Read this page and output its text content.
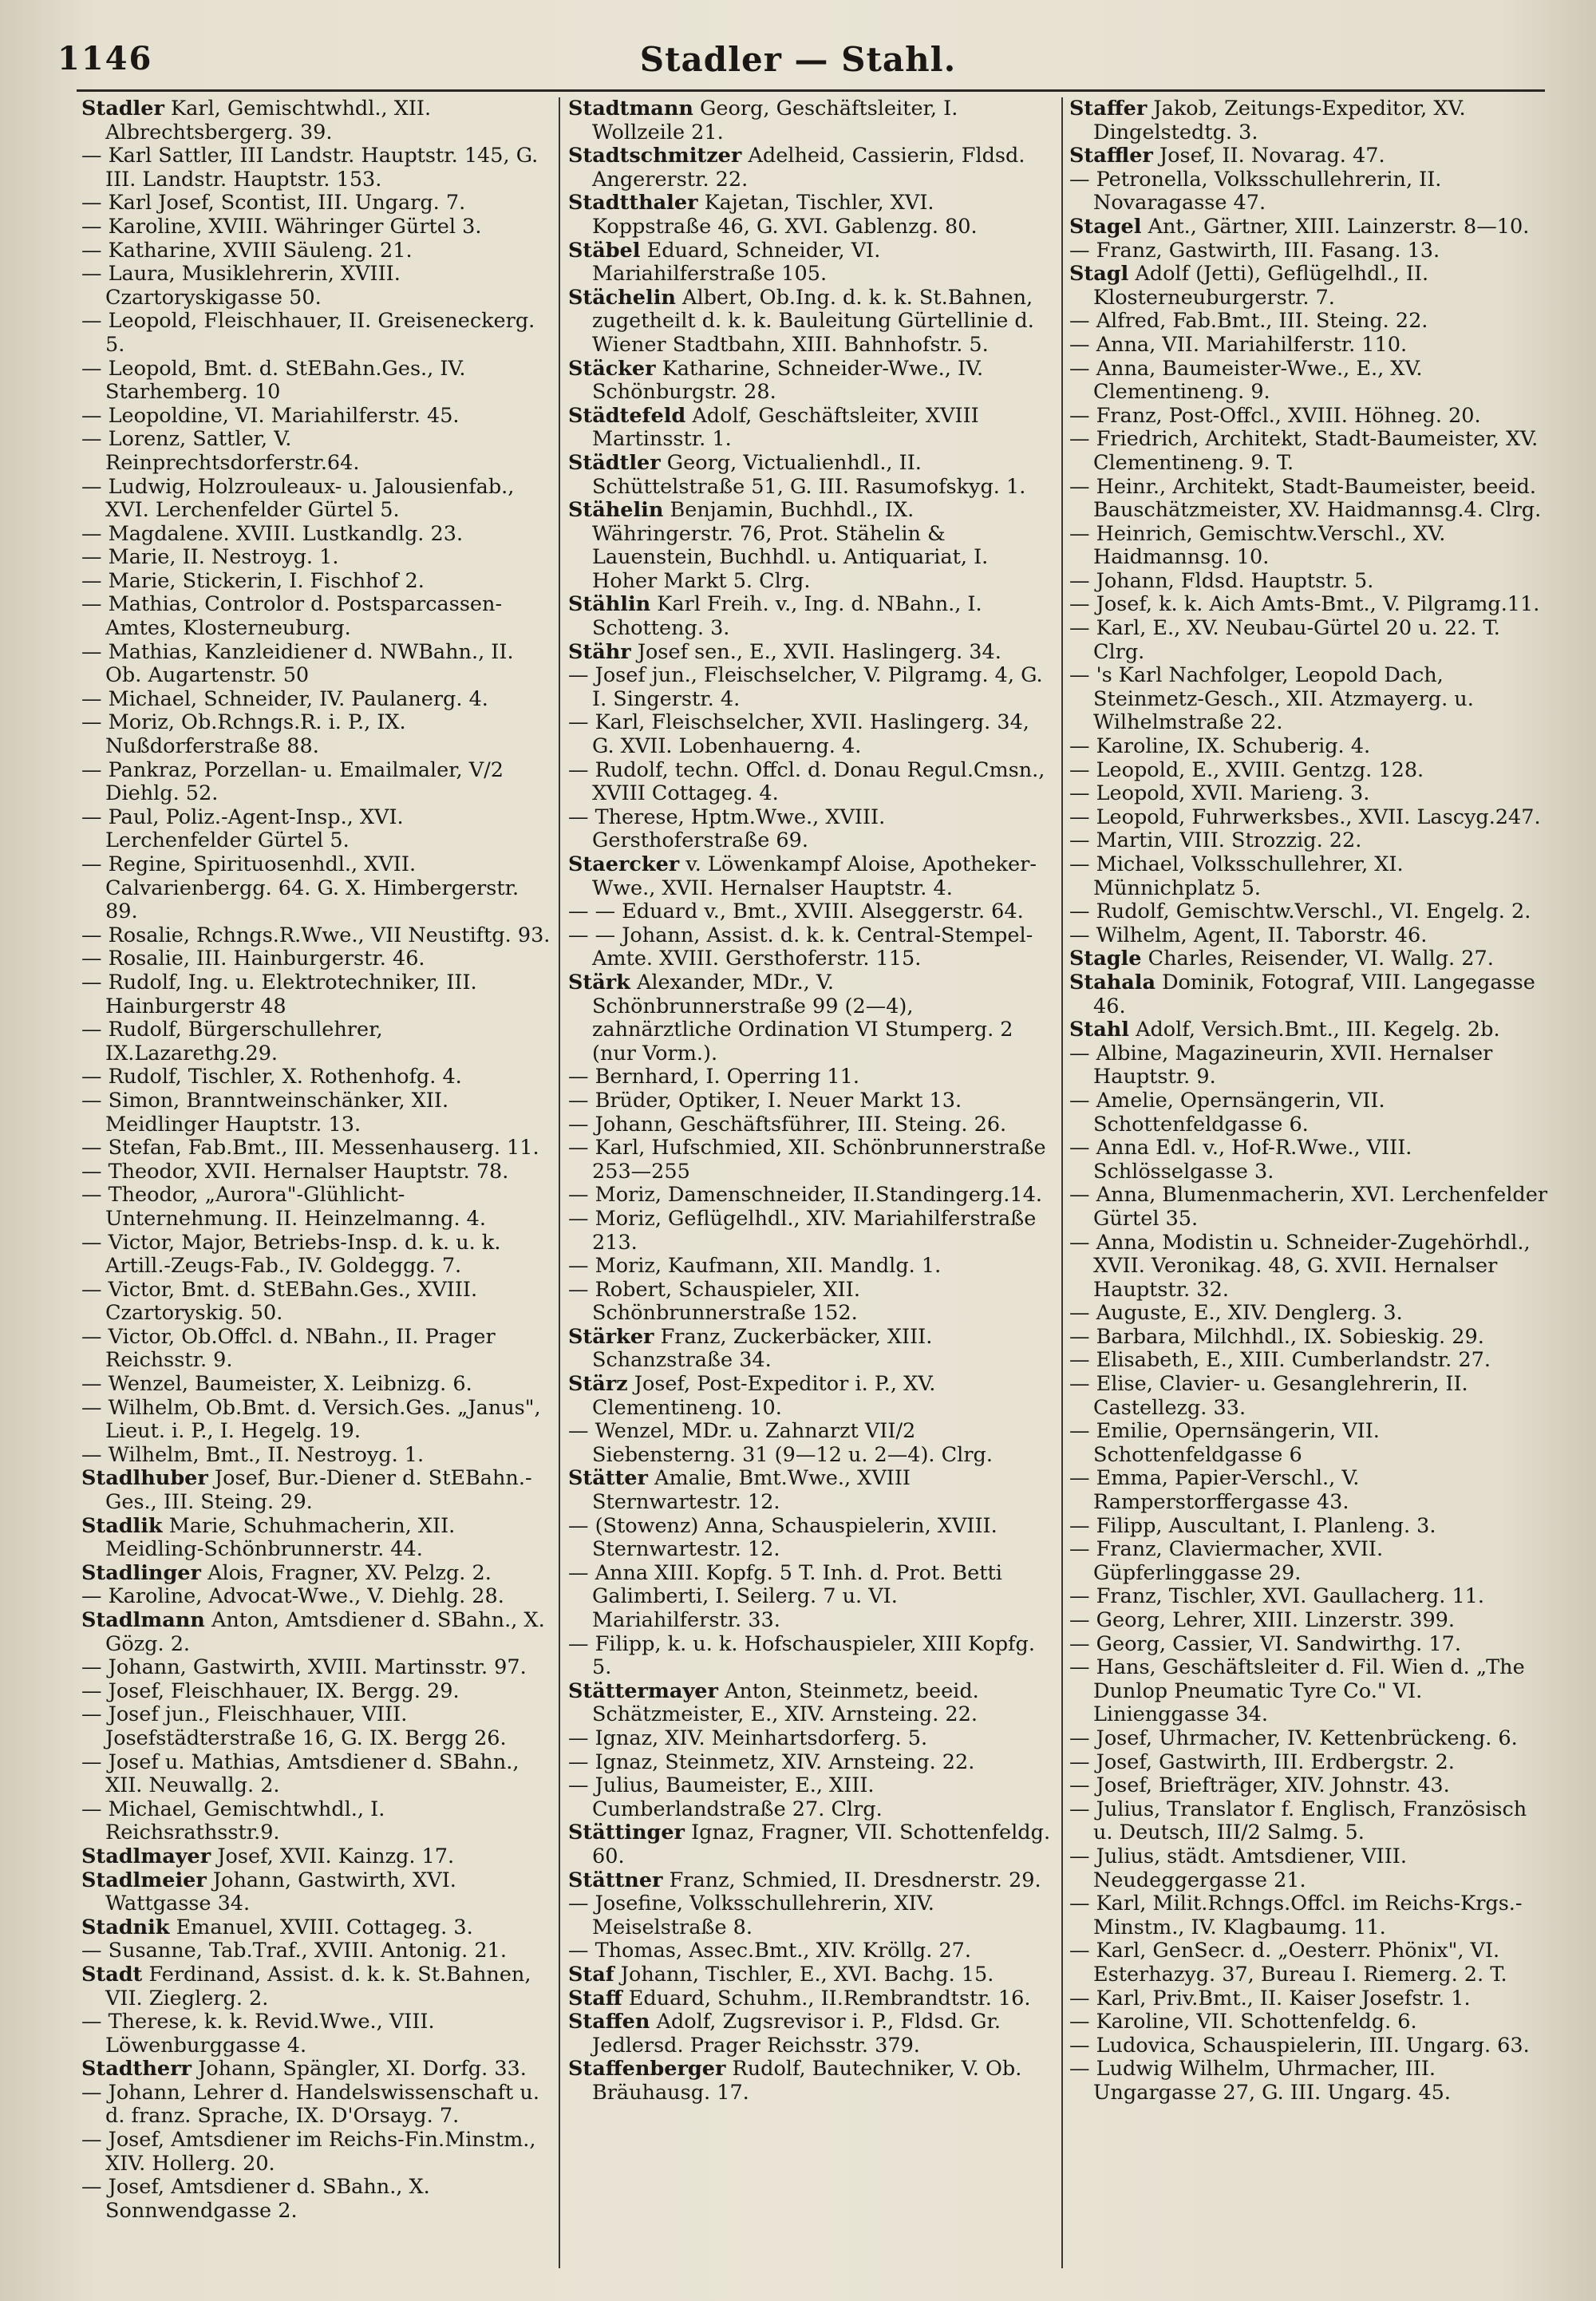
1146	Stadler — Stahl.

Stadler Karl, Gemischtwhdl., XII. Albrechtsbergerg. 39.

— Karl Sattler, III Landstr. Hauptstr. 145, G. III. Landstr. Hauptstr. 153.

— Karl Josef, Scontist, III. Ungarg. 7.

— Karoline, XVIII. Währinger Gürtel 3.

— Katharine, XVIII Säuleng. 21.

— Laura, Musiklehrerin, XVIII. Czartoryskigasse 50.

— Leopold, Fleischhauer, II. Greiseneckerg. 5.

— Leopold, Bmt. d. StEBahn.Ges., IV. Starhemberg. 10

— Leopoldine, VI. Mariahilferstr. 45.

— Lorenz, Sattler, V. Reinprechtsdorferstr.64.

— Ludwig, Holzrouleaux- u. Jalousienfab., XVI. Lerchenfelder Gürtel 5.

— Magdalene. XVIII. Lustkandlg. 23.

— Marie, II. Nestroyg. 1.

— Marie, Stickerin, I. Fischhof 2.

— Mathias, Controlor d. Postsparcassen-Amtes, Klosterneuburg.

— Mathias, Kanzleidiener d. NWBahn., II. Ob. Augartenstr. 50

— Michael, Schneider, IV. Paulanerg. 4.

— Moriz, Ob.Rchngs.R. i. P., IX. Nußdorferstraße 88.

— Pankraz, Porzellan- u. Emailmaler, V/2 Diehlg. 52.

— Paul, Poliz.-Agent-Insp., XVI. Lerchenfelder Gürtel 5.

— Regine, Spirituosenhdl., XVII. Calvarienbergg. 64. G. X. Himbergerstr. 89.

— Rosalie, Rchngs.R.Wwe., VII Neustiftg. 93.

— Rosalie, III. Hainburgerstr. 46.

— Rudolf, Ing. u. Elektrotechniker, III. Hainburgerstr 48

— Rudolf, Bürgerschullehrer, IX.Lazarethg.29.

— Rudolf, Tischler, X. Rothenhofg. 4.

— Simon, Branntweinschänker, XII. Meidlinger Hauptstr. 13.

— Stefan, Fab.Bmt., III. Messenhauserg. 11.

— Theodor, XVII. Hernalser Hauptstr. 78.

— Theodor, „Aurora"-Glühlicht-Unternehmung. II. Heinzelmanng. 4.

— Victor, Major, Betriebs-Insp. d. k. u. k. Artill.-Zeugs-Fab., IV. Goldeggg. 7.

— Victor, Bmt. d. StEBahn.Ges., XVIII. Czartoryskig. 50.

— Victor, Ob.Offcl. d. NBahn., II. Prager Reichsstr. 9.

— Wenzel, Baumeister, X. Leibnizg. 6.

— Wilhelm, Ob.Bmt. d. Versich.Ges. „Janus", Lieut. i. P., I. Hegelg. 19.

— Wilhelm, Bmt., II. Nestroyg. 1.

Stadlhuber Josef, Bur.-Diener d. StEBahn.-Ges., III. Steing. 29.

Stadlik Marie, Schuhmacherin, XII. Meidling-Schönbrunnerstr. 44.

Stadlinger Alois, Fragner, XV. Pelzg. 2.

— Karoline, Advocat-Wwe., V. Diehlg. 28.

Stadlmann Anton, Amtsdiener d. SBahn., X. Gözg. 2.

— Johann, Gastwirth, XVIII. Martinsstr. 97.

— Josef, Fleischhauer, IX. Bergg. 29.

— Josef jun., Fleischhauer, VIII. Josefstädterstraße 16, G. IX. Bergg 26.

— Josef u. Mathias, Amtsdiener d. SBahn., XII. Neuwallg. 2.

— Michael, Gemischtwhdl., I. Reichsrathsstr.9.

Stadlmayer Josef, XVII. Kainzg. 17.

Stadlmeier Johann, Gastwirth, XVI. Wattgasse 34.

Stadnik Emanuel, XVIII. Cottageg. 3.

— Susanne, Tab.Traf., XVIII. Antonig. 21.

Stadt Ferdinand, Assist. d. k. k. St.Bahnen, VII. Zieglerg. 2.

— Therese, k. k. Revid.Wwe., VIII. Löwenburggasse 4.

Stadtherr Johann, Spängler, XI. Dorfg. 33.

— Johann, Lehrer d. Handelswissenschaft u. d. franz. Sprache, IX. D'Orsayg. 7.

— Josef, Amtsdiener im Reichs-Fin.Minstm., XIV. Hollerg. 20.

— Josef, Amtsdiener d. SBahn., X. Sonnwendgasse 2.

Stadtmann Georg, Geschäftsleiter, I. Wollzeile 21.

Stadtschmitzer Adelheid, Cassierin, Fldsd. Angererstr. 22.

Stadtthaler Kajetan, Tischler, XVI. Koppstraße 46, G. XVI. Gablenzg. 80.

Stäbel Eduard, Schneider, VI. Mariahilferstraße 105.

Stächelin Albert, Ob.Ing. d. k. k. St.Bahnen, zugetheilt d. k. k. Bauleitung Gürtellinie d. Wiener Stadtbahn, XIII. Bahnhofstr. 5.

Stäcker Katharine, Schneider-Wwe., IV. Schönburgstr. 28.

Städtefeld Adolf, Geschäftsleiter, XVIII Martinsstr. 1.

Städtler Georg, Victualienhdl., II. Schüttelstraße 51, G. III. Rasumofskyg. 1.

Stähelin Benjamin, Buchhdl., IX. Währingerstr. 76, Prot. Stähelin & Lauenstein, Buchhdl. u. Antiquariat, I. Hoher Markt 5. Clrg.

Stählin Karl Freih. v., Ing. d. NBahn., I. Schotteng. 3.

Stähr Josef sen., E., XVII. Haslingerg. 34.

— Josef jun., Fleischselcher, V. Pilgramg. 4, G. I. Singerstr. 4.

— Karl, Fleischselcher, XVII. Haslingerg. 34, G. XVII. Lobenhauerng. 4.

— Rudolf, techn. Offcl. d. Donau Regul.Cmsn., XVIII Cottageg. 4.

— Therese, Hptm.Wwe., XVIII. Gersthoferstraße 69.

Staercker v. Löwenkampf Aloise, Apotheker-Wwe., XVII. Hernalser Hauptstr. 4.

— — Eduard v., Bmt., XVIII. Alseggerstr. 64.

— — Johann, Assist. d. k. k. Central-Stempel-Amte. XVIII. Gersthoferstr. 115.

Stärk Alexander, MDr., V. Schönbrunnerstraße 99 (2—4), zahnärztliche Ordination VI Stumperg. 2 (nur Vorm.).

— Bernhard, I. Operring 11.

— Brüder, Optiker, I. Neuer Markt 13.

— Johann, Geschäftsführer, III. Steing. 26.

— Karl, Hufschmied, XII. Schönbrunnerstraße 253—255

— Moriz, Damenschneider, II.Standingerg.14.

— Moriz, Geflügelhdl., XIV. Mariahilferstraße 213.

— Moriz, Kaufmann, XII. Mandlg. 1.

— Robert, Schauspieler, XII. Schönbrunnerstraße 152.

Stärker Franz, Zuckerbäcker, XIII. Schanzstraße 34.

Stärz Josef, Post-Expeditor i. P., XV. Clementineng. 10.

— Wenzel, MDr. u. Zahnarzt VII/2 Siebensterng. 31 (9—12 u. 2—4). Clrg.

Stätter Amalie, Bmt.Wwe., XVIII Sternwartestr. 12.

— (Stowenz) Anna, Schauspielerin, XVIII. Sternwartestr. 12.

— Anna XIII. Kopfg. 5 T. Inh. d. Prot. Betti Galimberti, I. Seilerg. 7 u. VI. Mariahilferstr. 33.

— Filipp, k. u. k. Hofschauspieler, XIII Kopfg. 5.

Stättermayer Anton, Steinmetz, beeid. Schätzmeister, E., XIV. Arnsteing. 22.

— Ignaz, XIV. Meinhartsdorferg. 5.

— Ignaz, Steinmetz, XIV. Arnsteing. 22.

— Julius, Baumeister, E., XIII. Cumberlandstraße 27. Clrg.

Stättinger Ignaz, Fragner, VII. Schottenfeldg. 60.

Stättner Franz, Schmied, II. Dresdnerstr. 29.

— Josefine, Volksschullehrerin, XIV. Meiselstraße 8.

— Thomas, Assec.Bmt., XIV. Kröllg. 27.

Staf Johann, Tischler, E., XVI. Bachg. 15.

Staff Eduard, Schuhm., II.Rembrandtstr. 16.

Staffen Adolf, Zugsrevisor i. P., Fldsd. Gr. Jedlersd. Prager Reichsstr. 379.

Staffenberger Rudolf, Bautechniker, V. Ob. Bräuhausg. 17.

Staffer Jakob, Zeitungs-Expeditor, XV. Dingelstedtg. 3.

Staffler Josef, II. Novarag. 47.

— Petronella, Volksschullehrerin, II. Novaragasse 47.

Stagel Ant., Gärtner, XIII. Lainzerstr. 8—10.

— Franz, Gastwirth, III. Fasang. 13.

Stagl Adolf (Jetti), Geflügelhdl., II. Klosterneuburgerstr. 7.

— Alfred, Fab.Bmt., III. Steing. 22.

— Anna, VII. Mariahilferstr. 110.

— Anna, Baumeister-Wwe., E., XV. Clementineng. 9.

— Franz, Post-Offcl., XVIII. Höhneg. 20.

— Friedrich, Architekt, Stadt-Baumeister, XV. Clementineng. 9. T.

— Heinr., Architekt, Stadt-Baumeister, beeid. Bauschätzmeister, XV. Haidmannsg.4. Clrg.

— Heinrich, Gemischtw.Verschl., XV. Haidmannsg. 10.

— Johann, Fldsd. Hauptstr. 5.

— Josef, k. k. Aich Amts-Bmt., V. Pilgramg.11.

— Karl, E., XV. Neubau-Gürtel 20 u. 22. T. Clrg.

— 's Karl Nachfolger, Leopold Dach, Steinmetz-Gesch., XII. Atzmayerg. u. Wilhelmstraße 22.

— Karoline, IX. Schuberig. 4.

— Leopold, E., XVIII. Gentzg. 128.

— Leopold, XVII. Marieng. 3.

— Leopold, Fuhrwerksbes., XVII. Lascyg.247.

— Martin, VIII. Strozzig. 22.

— Michael, Volksschullehrer, XI. Münnichplatz 5.

— Rudolf, Gemischtw.Verschl., VI. Engelg. 2.

— Wilhelm, Agent, II. Taborstr. 46.

Stagle Charles, Reisender, VI. Wallg. 27.

Stahala Dominik, Fotograf, VIII. Langegasse 46.

Stahl Adolf, Versich.Bmt., III. Kegelg. 2b.

— Albine, Magazineurin, XVII. Hernalser Hauptstr. 9.

— Amelie, Opernsängerin, VII. Schottenfeldgasse 6.

— Anna Edl. v., Hof-R.Wwe., VIII. Schlösselgasse 3.

— Anna, Blumenmacherin, XVI. Lerchenfelder Gürtel 35.

— Anna, Modistin u. Schneider-Zugehörhdl., XVII. Veronikag. 48, G. XVII. Hernalser Hauptstr. 32.

— Auguste, E., XIV. Denglerg. 3.

— Barbara, Milchhdl., IX. Sobieskig. 29.

— Elisabeth, E., XIII. Cumberlandstr. 27.

— Elise, Clavier- u. Gesanglehrerin, II. Castellezg. 33.

— Emilie, Opernsängerin, VII. Schottenfeldgasse 6

— Emma, Papier-Verschl., V. Ramperstorffergasse 43.

— Filipp, Auscultant, I. Planleng. 3.

— Franz, Claviermacher, XVII. Güpferlinggasse 29.

— Franz, Tischler, XVI. Gaullacherg. 11.

— Georg, Lehrer, XIII. Linzerstr. 399.

— Georg, Cassier, VI. Sandwirthg. 17.

— Hans, Geschäftsleiter d. Fil. Wien d. „The Dunlop Pneumatic Tyre Co." VI. Linienggasse 34.

— Josef, Uhrmacher, IV. Kettenbrückeng. 6.

— Josef, Gastwirth, III. Erdbergstr. 2.

— Josef, Briefträger, XIV. Johnstr. 43.

— Julius, Translator f. Englisch, Französisch u. Deutsch, III/2 Salmg. 5.

— Julius, städt. Amtsdiener, VIII. Neudeggergasse 21.

— Karl, Milit.Rchngs.Offcl. im Reichs-Krgs.-Minstm., IV. Klagbaumg. 11.

— Karl, GenSecr. d. „Oesterr. Phönix", VI. Esterhazyg. 37, Bureau I. Riemerg. 2. T.

— Karl, Priv.Bmt., II. Kaiser Josefstr. 1.

— Karoline, VII. Schottenfeldg. 6.

— Ludovica, Schauspielerin, III. Ungarg. 63.

— Ludwig Wilhelm, Uhrmacher, III. Ungargasse 27, G. III. Ungarg. 45.
